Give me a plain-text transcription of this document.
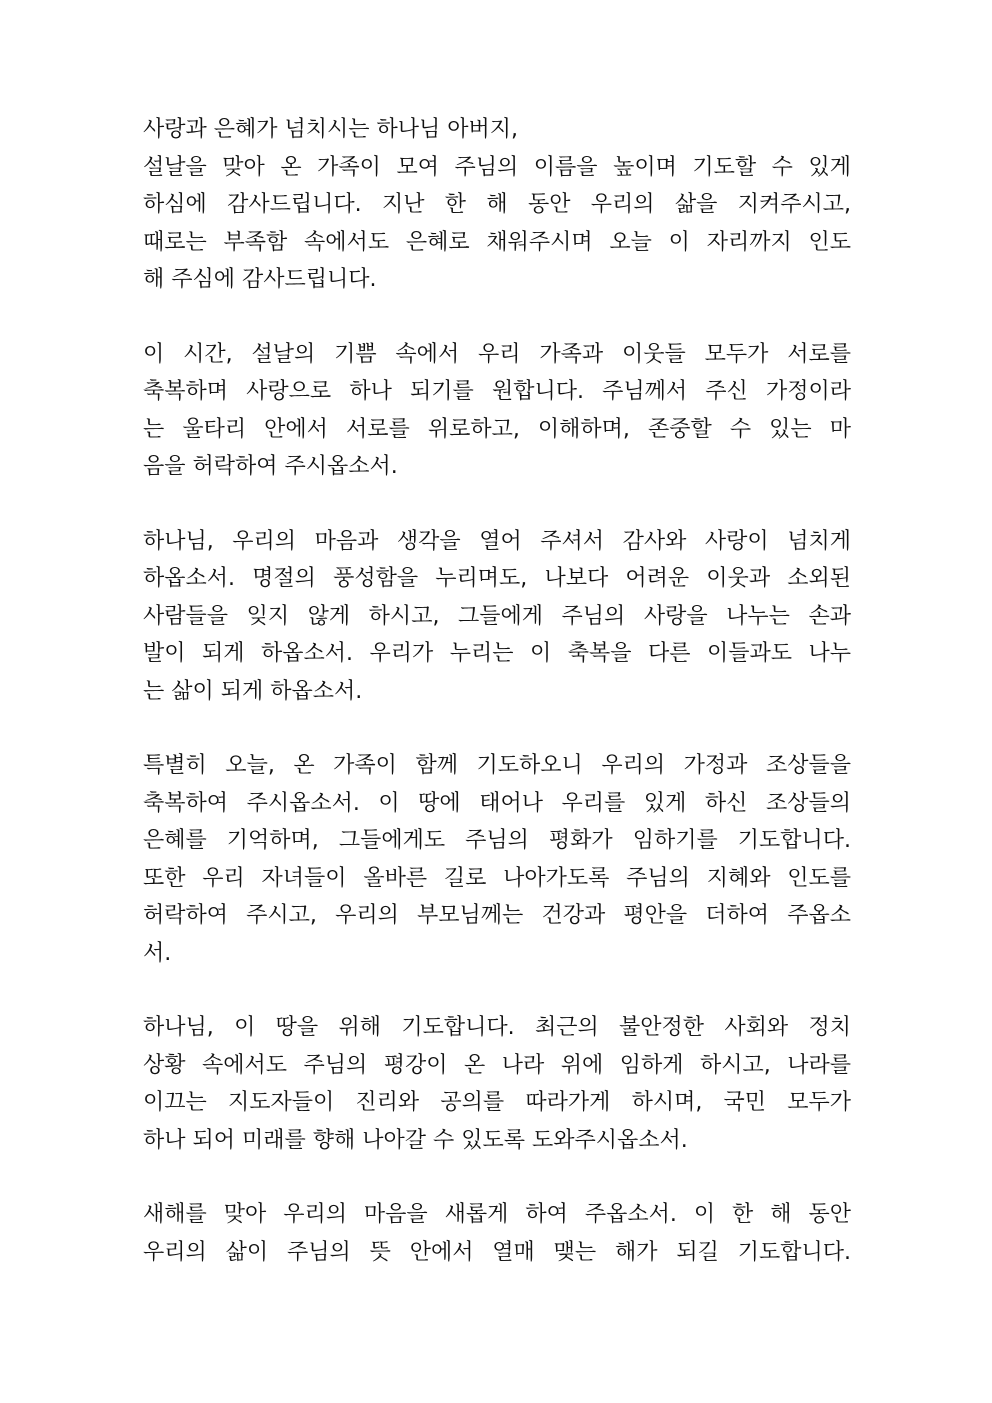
사랑과 은혜가 넘치시는 하나님 아버지,
설날을 맞아 온 가족이 모여 주님의 이름을 높이며 기도할 수 있게
하심에 감사드립니다. 지난 한 해 동안 우리의 삶을 지켜주시고,
때로는 부족함 속에서도 은혜로 채워주시며 오늘 이 자리까지 인도
해 주심에 감사드립니다.
이 시간, 설날의 기쁨 속에서 우리 가족과 이웃들 모두가 서로를
축복하며 사랑으로 하나 되기를 원합니다. 주님께서 주신 가정이라
는 울타리 안에서 서로를 위로하고, 이해하며, 존중할 수 있는 마
음을 허락하여 주시옵소서.
하나님, 우리의 마음과 생각을 열어 주셔서 감사와 사랑이 넘치게
하옵소서. 명절의 풍성함을 누리며도, 나보다 어려운 이웃과 소외된
사람들을 잊지 않게 하시고, 그들에게 주님의 사랑을 나누는 손과
발이 되게 하옵소서. 우리가 누리는 이 축복을 다른 이들과도 나누
는 삶이 되게 하옵소서.
특별히 오늘, 온 가족이 함께 기도하오니 우리의 가정과 조상들을
축복하여 주시옵소서. 이 땅에 태어나 우리를 있게 하신 조상들의
은혜를 기억하며, 그들에게도 주님의 평화가 임하기를 기도합니다.
또한 우리 자녀들이 올바른 길로 나아가도록 주님의 지혜와 인도를
허락하여 주시고, 우리의 부모님께는 건강과 평안을 더하여 주옵소
서.
하나님, 이 땅을 위해 기도합니다. 최근의 불안정한 사회와 정치
상황 속에서도 주님의 평강이 온 나라 위에 임하게 하시고, 나라를
이끄는 지도자들이 진리와 공의를 따라가게 하시며, 국민 모두가
하나 되어 미래를 향해 나아갈 수 있도록 도와주시옵소서.
새해를 맞아 우리의 마음을 새롭게 하여 주옵소서. 이 한 해 동안
우리의 삶이 주님의 뜻 안에서 열매 맺는 해가 되길 기도합니다.
